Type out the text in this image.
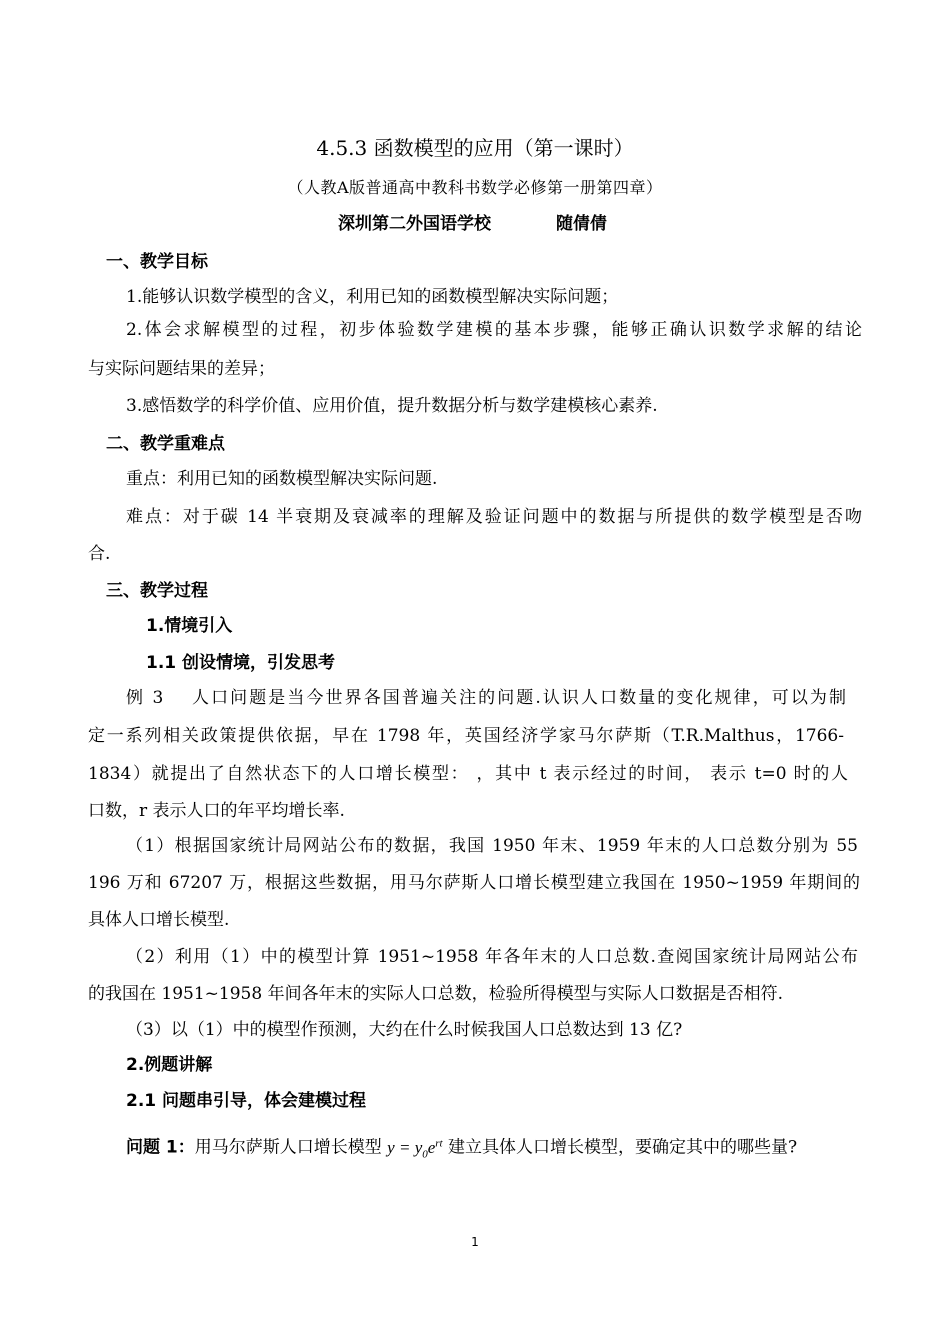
4.5.3 函数模型的应用（第一课时）
（人教A版普通高中教科书数学必修第一册第四章）
深圳第二外国语学校	随倩倩
一、教学目标
1.能够认识数学模型的含义，利用已知的函数模型解决实际问题；
2.体会求解模型的过程，初步体验数学建模的基本步骤，能够正确认识数学求解的结论
与实际问题结果的差异；
3.感悟数学的科学价值、应用价值，提升数据分析与数学建模核心素养.
二、教学重难点
重点：利用已知的函数模型解决实际问题.
难点：对于碳 14 半衰期及衰减率的理解及验证问题中的数据与所提供的数学模型是否吻
合.
三、教学过程
1.情境引入
1.1 创设情境，引发思考
例 3　 人口问题是当今世界各国普遍关注的问题.认识人口数量的变化规律，可以为制
定一系列相关政策提供依据，早在 1798 年，英国经济学家马尔萨斯（T.R.Malthus，1766-
1834）就提出了自然状态下的人口增长模型： ，其中 t 表示经过的时间， 表示 t=0 时的人
口数，r 表示人口的年平均增长率.
（1）根据国家统计局网站公布的数据，我国 1950 年末、1959 年末的人口总数分别为 55
196 万和 67207 万，根据这些数据，用马尔萨斯人口增长模型建立我国在 1950~1959 年期间的
具体人口增长模型.
（2）利用（1）中的模型计算 1951~1958 年各年末的人口总数.查阅国家统计局网站公布
的我国在 1951~1958 年间各年末的实际人口总数，检验所得模型与实际人口数据是否相符.
（3）以（1）中的模型作预测，大约在什么时候我国人口总数达到 13 亿?
2.例题讲解
2.1 问题串引导，体会建模过程
问题 1：用马尔萨斯人口增长模型 $y = y_0e^{rt}$ 建立具体人口增长模型，要确定其中的哪些量?
1
